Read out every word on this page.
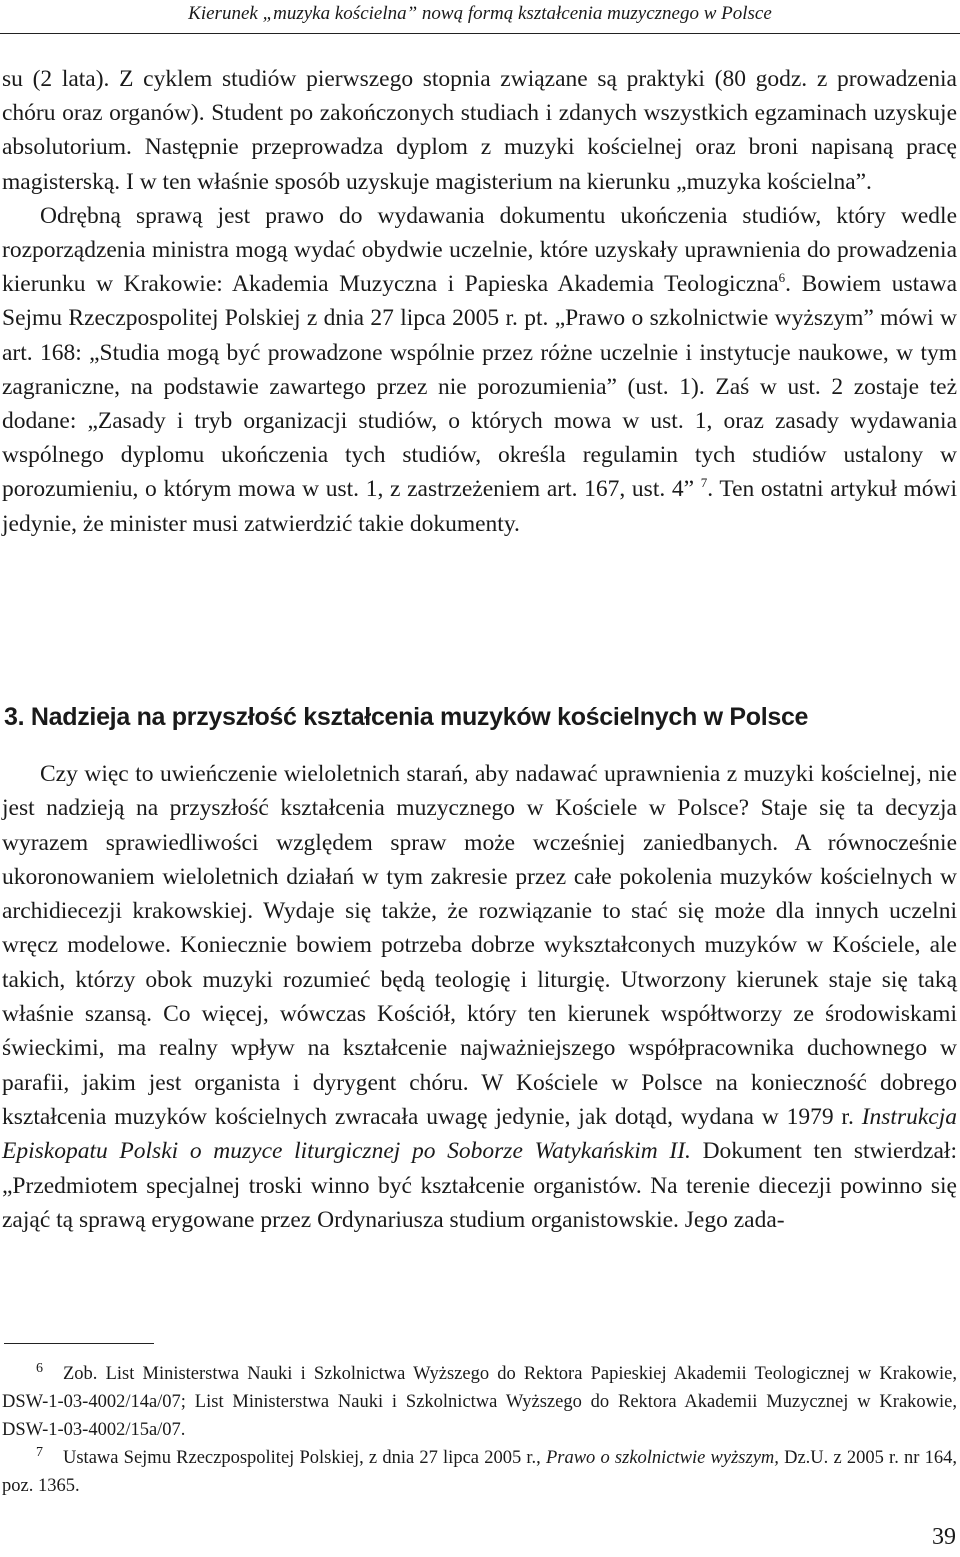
Kierunek „muzyka kościelna” nową formą kształcenia muzycznego w Polsce

su (2 lata). Z cyklem studiów pierwszego stopnia związane są praktyki (80 godz. z prowadzenia chóru oraz organów). Student po zakończonych studiach i zdanych wszystkich egzaminach uzyskuje absolutorium. Następnie przeprowadza dyplom z muzyki kościelnej oraz broni napisaną pracę magisterską. I w ten właśnie sposób uzyskuje magisterium na kierunku „muzyka kościelna”.

Odrębną sprawą jest prawo do wydawania dokumentu ukończenia studiów, który wedle rozporządzenia ministra mogą wydać obydwie uczelnie, które uzyskały uprawnienia do prowadzenia kierunku w Krakowie: Akademia Muzyczna i Papieska Akademia Teologiczna$^6$. Bowiem ustawa Sejmu Rzeczpospolitej Polskiej z dnia 27 lipca 2005 r. pt. „Prawo o szkolnictwie wyższym” mówi w art. 168: „Studia mogą być prowadzone wspólnie przez różne uczelnie i instytucje naukowe, w tym zagraniczne, na podstawie zawartego przez nie porozumienia” (ust. 1). Zaś w ust. 2 zostaje też dodane: „Zasady i tryb organizacji studiów, o których mowa w ust. 1, oraz zasady wydawania wspólnego dyplomu ukończenia tych studiów, określa regulamin tych studiów ustalony w porozumieniu, o którym mowa w ust. 1, z zastrzeżeniem art. 167, ust. 4” $^7$. Ten ostatni artykuł mówi jedynie, że minister musi zatwierdzić takie dokumenty.

3. Nadzieja na przyszłość kształcenia muzyków kościelnych w Polsce

Czy więc to uwieńczenie wieloletnich starań, aby nadawać uprawnienia z muzyki kościelnej, nie jest nadzieją na przyszłość kształcenia muzycznego w Kościele w Polsce? Staje się ta decyzja wyrazem sprawiedliwości względem spraw może wcześniej zaniedbanych. A równocześnie ukoronowaniem wieloletnich działań w tym zakresie przez całe pokolenia muzyków kościelnych w archidiecezji krakowskiej. Wydaje się także, że rozwiązanie to stać się może dla innych uczelni wręcz modelowe. Koniecznie bowiem potrzeba dobrze wykształconych muzyków w Kościele, ale takich, którzy obok muzyki rozumieć będą teologię i liturgię. Utworzony kierunek staje się taką właśnie szansą. Co więcej, wówczas Kościół, który ten kierunek współtworzy ze środowiskami świeckimi, ma realny wpływ na kształcenie najważniejszego współpracownika duchownego w parafii, jakim jest organista i dyrygent chóru. W Kościele w Polsce na konieczność dobrego kształcenia muzyków kościelnych zwracała uwagę jedynie, jak dotąd, wydana w 1979 r. Instrukcja Episkopatu Polski o muzyce liturgicznej po Soborze Watykańskim II. Dokument ten stwierdzał: „Przedmiotem specjalnej troski winno być kształcenie organistów. Na terenie diecezji powinno się zająć tą sprawą erygowane przez Ordynariusza studium organistowskie. Jego zada-

$^6$ Zob. List Ministerstwa Nauki i Szkolnictwa Wyższego do Rektora Papieskiej Akademii Teologicznej w Krakowie, DSW-1-03-4002/14a/07; List Ministerstwa Nauki i Szkolnictwa Wyższego do Rektora Akademii Muzycznej w Krakowie, DSW-1-03-4002/15a/07.

$^7$ Ustawa Sejmu Rzeczpospolitej Polskiej, z dnia 27 lipca 2005 r., Prawo o szkolnictwie wyższym, Dz.U. z 2005 r. nr 164, poz. 1365.

39
